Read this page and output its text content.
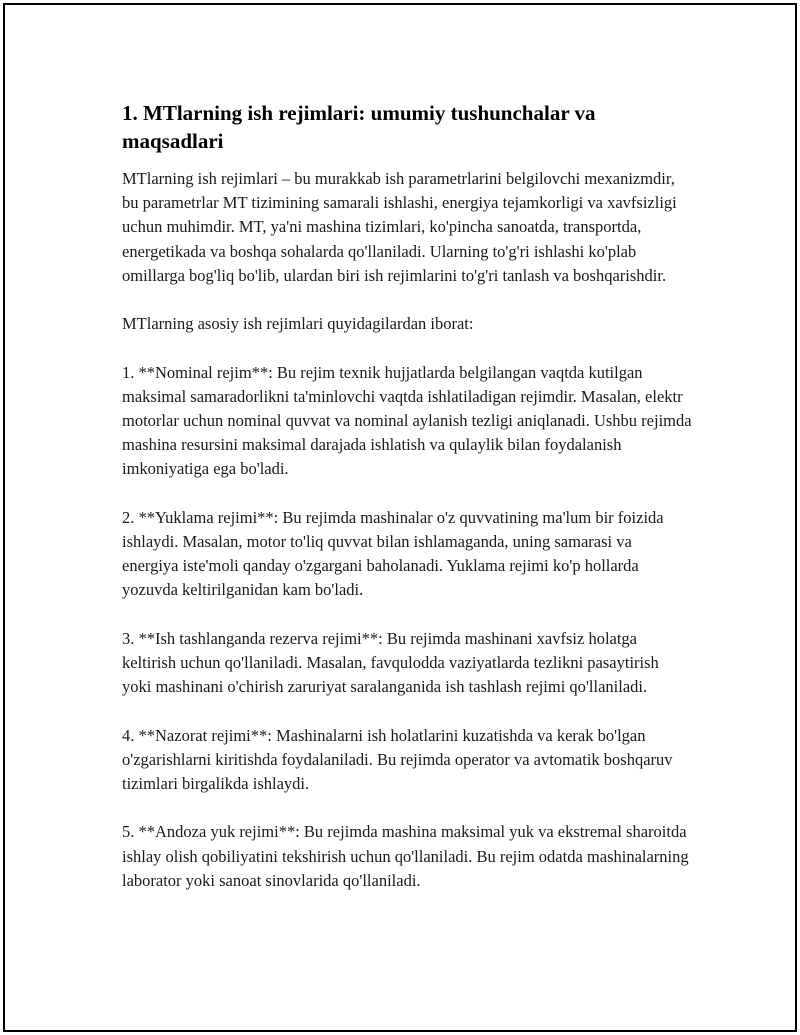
1. MTlarning ish rejimlari: umumiy tushunchalar va maqsadlari

MTlarning ish rejimlari – bu murakkab ish parametrlarini belgilovchi mexanizmdir, bu parametrlar MT tizimining samarali ishlashi, energiya tejamkorligi va xavfsizligi uchun muhimdir. MT, ya'ni mashina tizimlari, ko'pincha sanoatda, transportda, energetikada va boshqa sohalarda qo'llaniladi. Ularning to'g'ri ishlashi ko'plab omillarga bog'liq bo'lib, ulardan biri ish rejimlarini to'g'ri tanlash va boshqarishdir.

MTlarning asosiy ish rejimlari quyidagilardan iborat:

1. **Nominal rejim**: Bu rejim texnik hujjatlarda belgilangan vaqtda kutilgan maksimal samaradorlikni ta'minlovchi vaqtda ishlatiladigan rejimdir. Masalan, elektr motorlar uchun nominal quvvat va nominal aylanish tezligi aniqlanadi. Ushbu rejimda mashina resursini maksimal darajada ishlatish va qulaylik bilan foydalanish imkoniyatiga ega bo'ladi.

2. **Yuklama rejimi**: Bu rejimda mashinalar o'z quvvatining ma'lum bir foizida ishlaydi. Masalan, motor to'liq quvvat bilan ishlamaganda, uning samarasi va energiya iste'moli qanday o'zgargani baholanadi. Yuklama rejimi ko'p hollarda yozuvda keltirilganidan kam bo'ladi.

3. **Ish tashlanganda rezerva rejimi**: Bu rejimda mashinani xavfsiz holatga keltirish uchun qo'llaniladi. Masalan, favqulodda vaziyatlarda tezlikni pasaytirish yoki mashinani o'chirish zaruriyat saralanganida ish tashlash rejimi qo'llaniladi.

4. **Nazorat rejimi**: Mashinalarni ish holatlarini kuzatishda va kerak bo'lgan o'zgarishlarni kiritishda foydalaniladi. Bu rejimda operator va avtomatik boshqaruv tizimlari birgalikda ishlaydi.

5. **Andoza yuk rejimi**: Bu rejimda mashina maksimal yuk va ekstremal sharoitda ishlay olish qobiliyatini tekshirish uchun qo'llaniladi. Bu rejim odatda mashinalarning laborator yoki sanoat sinovlarida qo'llaniladi.
